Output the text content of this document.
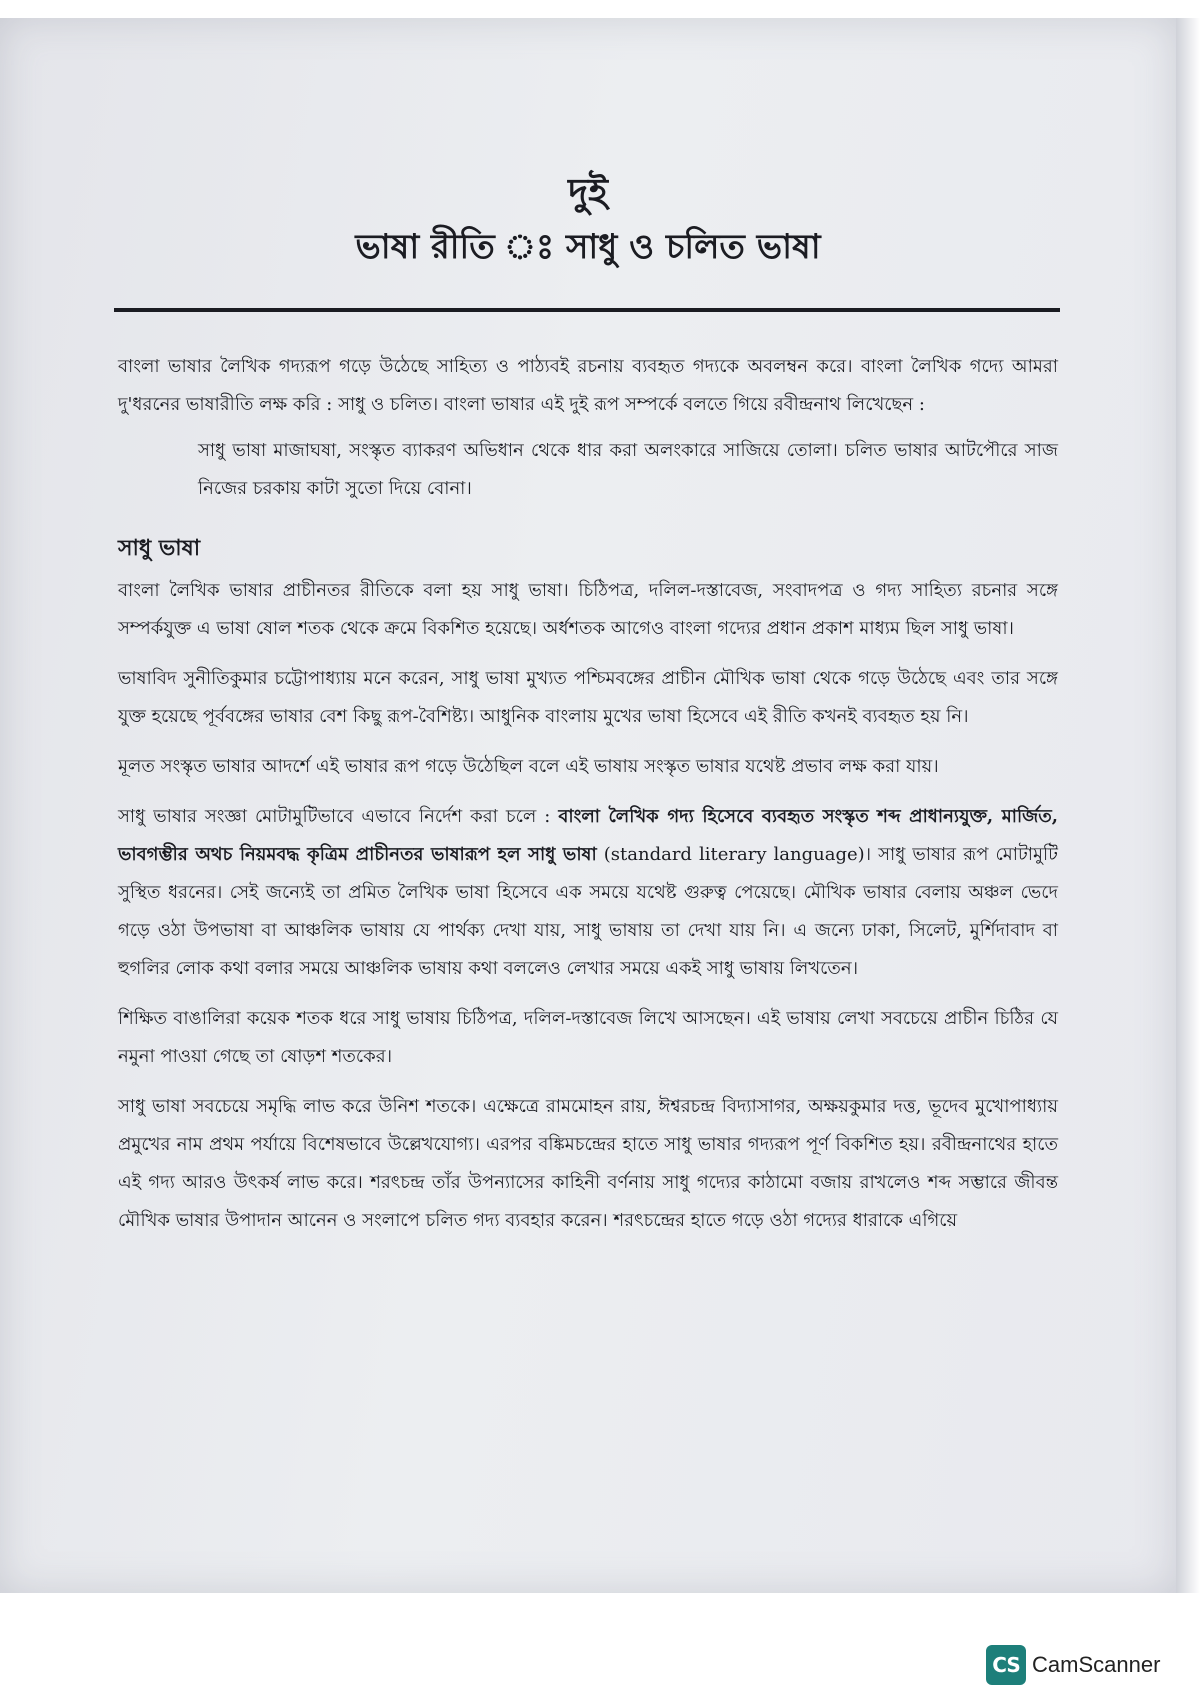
দুই
ভাষা রীতি ঃ সাধু ও চলিত ভাষা

বাংলা ভাষার লৈখিক গদ্যরূপ গড়ে উঠেছে সাহিত্য ও পাঠ্যবই রচনায় ব্যবহৃত গদ্যকে অবলম্বন করে। বাংলা লৈখিক গদ্যে আমরা দু'ধরনের ভাষারীতি লক্ষ করি : সাধু ও চলিত। বাংলা ভাষার এই দুই রূপ সম্পর্কে বলতে গিয়ে রবীন্দ্রনাথ লিখেছেন :

সাধু ভাষা মাজাঘষা, সংস্কৃত ব্যাকরণ অভিধান থেকে ধার করা অলংকারে সাজিয়ে তোলা। চলিত ভাষার আটপৌরে সাজ নিজের চরকায় কাটা সুতো দিয়ে বোনা।

সাধু ভাষা

বাংলা লৈখিক ভাষার প্রাচীনতর রীতিকে বলা হয় সাধু ভাষা। চিঠিপত্র, দলিল-দস্তাবেজ, সংবাদপত্র ও গদ্য সাহিত্য রচনার সঙ্গে সম্পর্কযুক্ত এ ভাষা ষোল শতক থেকে ক্রমে বিকশিত হয়েছে। অর্ধশতক আগেও বাংলা গদ্যের প্রধান প্রকাশ মাধ্যম ছিল সাধু ভাষা।

ভাষাবিদ সুনীতিকুমার চট্টোপাধ্যায় মনে করেন, সাধু ভাষা মুখ্যত পশ্চিমবঙ্গের প্রাচীন মৌখিক ভাষা থেকে গড়ে উঠেছে এবং তার সঙ্গে যুক্ত হয়েছে পূর্ববঙ্গের ভাষার বেশ কিছু রূপ-বৈশিষ্ট্য। আধুনিক বাংলায় মুখের ভাষা হিসেবে এই রীতি কখনই ব্যবহৃত হয় নি।

মূলত সংস্কৃত ভাষার আদর্শে এই ভাষার রূপ গড়ে উঠেছিল বলে এই ভাষায় সংস্কৃত ভাষার যথেষ্ট প্রভাব লক্ষ করা যায়।

সাধু ভাষার সংজ্ঞা মোটামুটিভাবে এভাবে নির্দেশ করা চলে : বাংলা লৈখিক গদ্য হিসেবে ব্যবহৃত সংস্কৃত শব্দ প্রাধান্যযুক্ত, মার্জিত, ভাবগম্ভীর অথচ নিয়মবদ্ধ কৃত্রিম প্রাচীনতর ভাষারূপ হল সাধু ভাষা (standard literary language)। সাধু ভাষার রূপ মোটামুটি সুস্থিত ধরনের। সেই জন্যেই তা প্রমিত লৈখিক ভাষা হিসেবে এক সময়ে যথেষ্ট গুরুত্ব পেয়েছে। মৌখিক ভাষার বেলায় অঞ্চল ভেদে গড়ে ওঠা উপভাষা বা আঞ্চলিক ভাষায় যে পার্থক্য দেখা যায়, সাধু ভাষায় তা দেখা যায় নি। এ জন্যে ঢাকা, সিলেট, মুর্শিদাবাদ বা হুগলির লোক কথা বলার সময়ে আঞ্চলিক ভাষায় কথা বললেও লেখার সময়ে একই সাধু ভাষায় লিখতেন।

শিক্ষিত বাঙালিরা কয়েক শতক ধরে সাধু ভাষায় চিঠিপত্র, দলিল-দস্তাবেজ লিখে আসছেন। এই ভাষায় লেখা সবচেয়ে প্রাচীন চিঠির যে নমুনা পাওয়া গেছে তা ষোড়শ শতকের।

সাধু ভাষা সবচেয়ে সমৃদ্ধি লাভ করে উনিশ শতকে। এক্ষেত্রে রামমোহন রায়, ঈশ্বরচন্দ্র বিদ্যাসাগর, অক্ষয়কুমার দত্ত, ভূদেব মুখোপাধ্যায় প্রমুখের নাম প্রথম পর্যায়ে বিশেষভাবে উল্লেখযোগ্য। এরপর বঙ্কিমচন্দ্রের হাতে সাধু ভাষার গদ্যরূপ পূর্ণ বিকশিত হয়। রবীন্দ্রনাথের হাতে এই গদ্য আরও উৎকর্ষ লাভ করে। শরৎচন্দ্র তাঁর উপন্যাসের কাহিনী বর্ণনায় সাধু গদ্যের কাঠামো বজায় রাখলেও শব্দ সম্ভারে জীবন্ত মৌখিক ভাষার উপাদান আনেন ও সংলাপে চলিত গদ্য ব্যবহার করেন। শরৎচন্দ্রের হাতে গড়ে ওঠা গদ্যের ধারাকে এগিয়ে

CS CamScanner
